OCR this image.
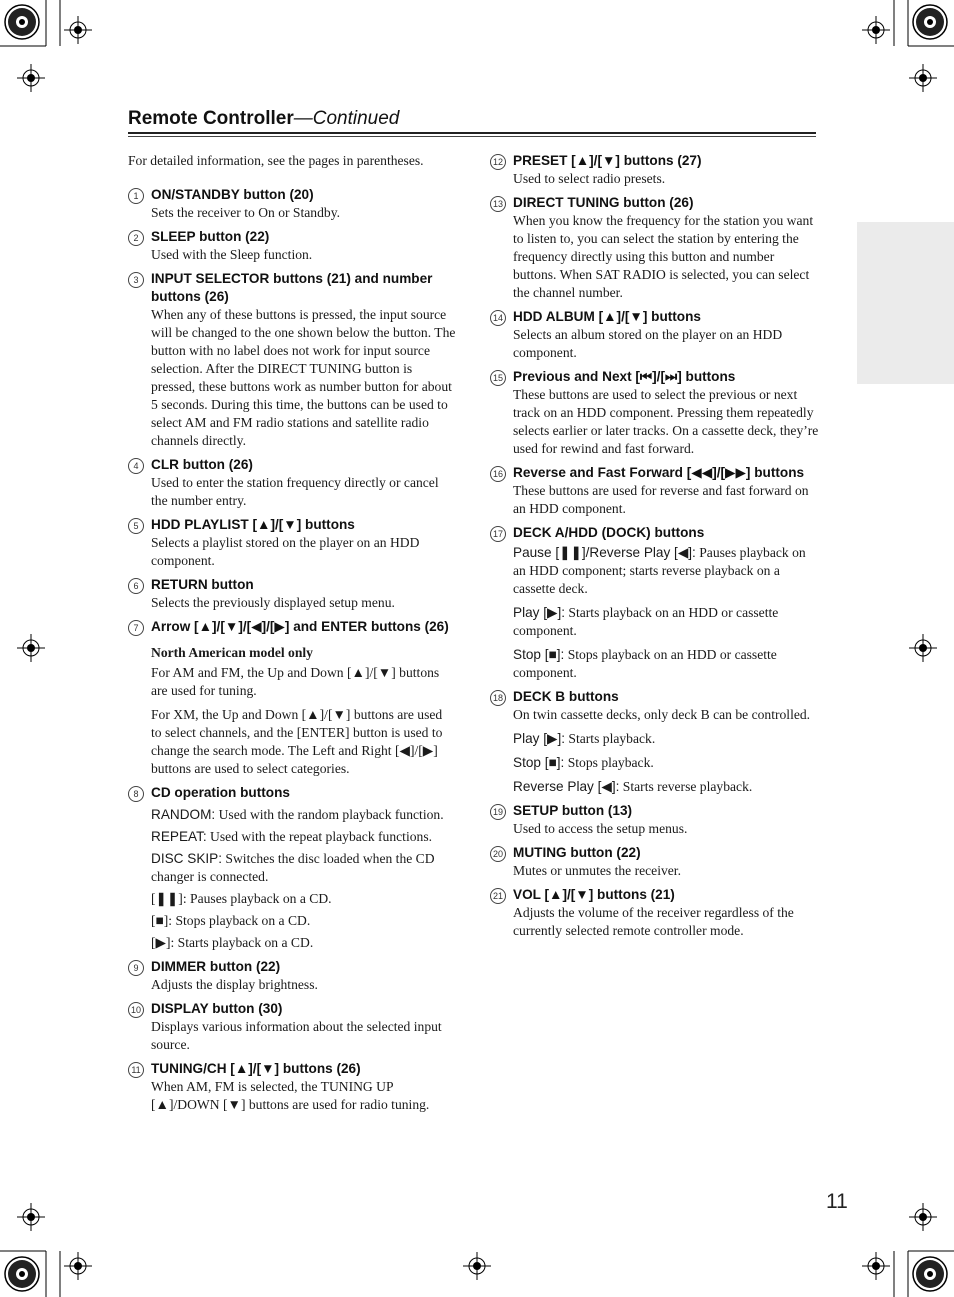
Remote Controller—Continued

For detailed information, see the pages in parentheses.

1 ON/STANDBY button (20)
Sets the receiver to On or Standby.
2 SLEEP button (22)
Used with the Sleep function.
3 INPUT SELECTOR buttons (21) and number buttons (26)
When any of these buttons is pressed, the input source will be changed to the one shown below the button. The button with no label does not work for input source selection. After the DIRECT TUNING button is pressed, these buttons work as number button for about 5 seconds. During this time, the buttons can be used to select AM and FM radio stations and satellite radio channels directly.
4 CLR button (26)
Used to enter the station frequency directly or cancel the number entry.
5 HDD PLAYLIST [▲]/[▼] buttons
Selects a playlist stored on the player on an HDD component.
6 RETURN button
Selects the previously displayed setup menu.
7 Arrow [▲]/[▼]/[◀]/[▶] and ENTER buttons (26)
North American model only
For AM and FM, the Up and Down [▲]/[▼] buttons are used for tuning.
For XM, the Up and Down [▲]/[▼] buttons are used to select channels, and the [ENTER] button is used to change the search mode. The Left and Right [◀]/[▶] buttons are used to select categories.
8 CD operation buttons
RANDOM: Used with the random playback function.
REPEAT: Used with the repeat playback functions.
DISC SKIP: Switches the disc loaded when the CD changer is connected.
[❚❚]: Pauses playback on a CD.
[■]: Stops playback on a CD.
[▶]: Starts playback on a CD.
9 DIMMER button (22)
Adjusts the display brightness.
10 DISPLAY button (30)
Displays various information about the selected input source.
11 TUNING/CH [▲]/[▼] buttons (26)
When AM, FM is selected, the TUNING UP [▲]/DOWN [▼] buttons are used for radio tuning.
12 PRESET [▲]/[▼] buttons (27)
Used to select radio presets.
13 DIRECT TUNING button (26)
When you know the frequency for the station you want to listen to, you can select the station by entering the frequency directly using this button and number buttons. When SAT RADIO is selected, you can select the channel number.
14 HDD ALBUM [▲]/[▼] buttons
Selects an album stored on the player on an HDD component.
15 Previous and Next [⏮]/[⏭] buttons
These buttons are used to select the previous or next track on an HDD component. Pressing them repeatedly selects earlier or later tracks. On a cassette deck, they’re used for rewind and fast forward.
16 Reverse and Fast Forward [◀◀]/[▶▶] buttons
These buttons are used for reverse and fast forward on an HDD component.
17 DECK A/HDD (DOCK) buttons
Pause [❚❚]/Reverse Play [◀]: Pauses playback on an HDD component; starts reverse playback on a cassette deck.
Play [▶]: Starts playback on an HDD or cassette component.
Stop [■]: Stops playback on an HDD or cassette component.
18 DECK B buttons
On twin cassette decks, only deck B can be controlled.
Play [▶]: Starts playback.
Stop [■]: Stops playback.
Reverse Play [◀]: Starts reverse playback.
19 SETUP button (13)
Used to access the setup menus.
20 MUTING button (22)
Mutes or unmutes the receiver.
21 VOL [▲]/[▼] buttons (21)
Adjusts the volume of the receiver regardless of the currently selected remote controller mode.
11
